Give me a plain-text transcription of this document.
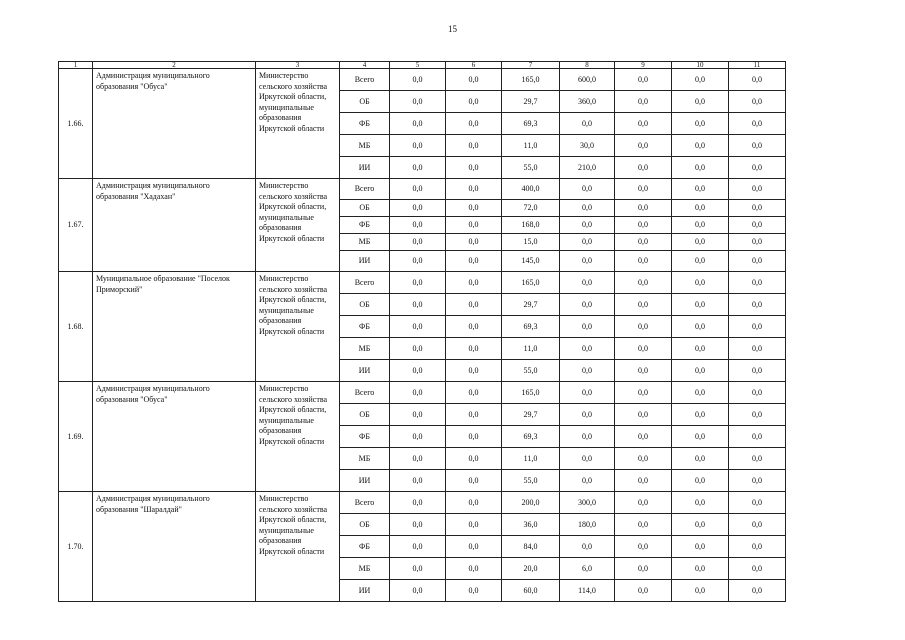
15
1	2	3	4	5	6	7	8	9	10	11
1.66.	Администрация муниципального образования "Обуса"	Министерство сельского хозяйства Иркутской области, муниципальные образования Иркутской области	Всего	0,0	0,0	165,0	600,0	0,0	0,0	0,0
			ОБ	0,0	0,0	29,7	360,0	0,0	0,0	0,0
			ФБ	0,0	0,0	69,3	0,0	0,0	0,0	0,0
			МБ	0,0	0,0	11,0	30,0	0,0	0,0	0,0
			ИИ	0,0	0,0	55,0	210,0	0,0	0,0	0,0
1.67.	Администрация муниципального образования "Хадахан"	Министерство сельского хозяйства Иркутской области, муниципальные образования Иркутской области	Всего	0,0	0,0	400,0	0,0	0,0	0,0	0,0
			ОБ	0,0	0,0	72,0	0,0	0,0	0,0	0,0
			ФБ	0,0	0,0	168,0	0,0	0,0	0,0	0,0
			МБ	0,0	0,0	15,0	0,0	0,0	0,0	0,0
			ИИ	0,0	0,0	145,0	0,0	0,0	0,0	0,0
1.68.	Муниципальное образование "Поселок Приморский"	Министерство сельского хозяйства Иркутской области, муниципальные образования Иркутской области	Всего	0,0	0,0	165,0	0,0	0,0	0,0	0,0
			ОБ	0,0	0,0	29,7	0,0	0,0	0,0	0,0
			ФБ	0,0	0,0	69,3	0,0	0,0	0,0	0,0
			МБ	0,0	0,0	11,0	0,0	0,0	0,0	0,0
			ИИ	0,0	0,0	55,0	0,0	0,0	0,0	0,0
1.69.	Администрация муниципального образования "Обуса"	Министерство сельского хозяйства Иркутской области, муниципальные образования Иркутской области	Всего	0,0	0,0	165,0	0,0	0,0	0,0	0,0
			ОБ	0,0	0,0	29,7	0,0	0,0	0,0	0,0
			ФБ	0,0	0,0	69,3	0,0	0,0	0,0	0,0
			МБ	0,0	0,0	11,0	0,0	0,0	0,0	0,0
			ИИ	0,0	0,0	55,0	0,0	0,0	0,0	0,0
1.70.	Администрация муниципального образования "Шаралдай"	Министерство сельского хозяйства Иркутской области, муниципальные образования Иркутской области	Всего	0,0	0,0	200,0	300,0	0,0	0,0	0,0
			ОБ	0,0	0,0	36,0	180,0	0,0	0,0	0,0
			ФБ	0,0	0,0	84,0	0,0	0,0	0,0	0,0
			МБ	0,0	0,0	20,0	6,0	0,0	0,0	0,0
			ИИ	0,0	0,0	60,0	114,0	0,0	0,0	0,0
